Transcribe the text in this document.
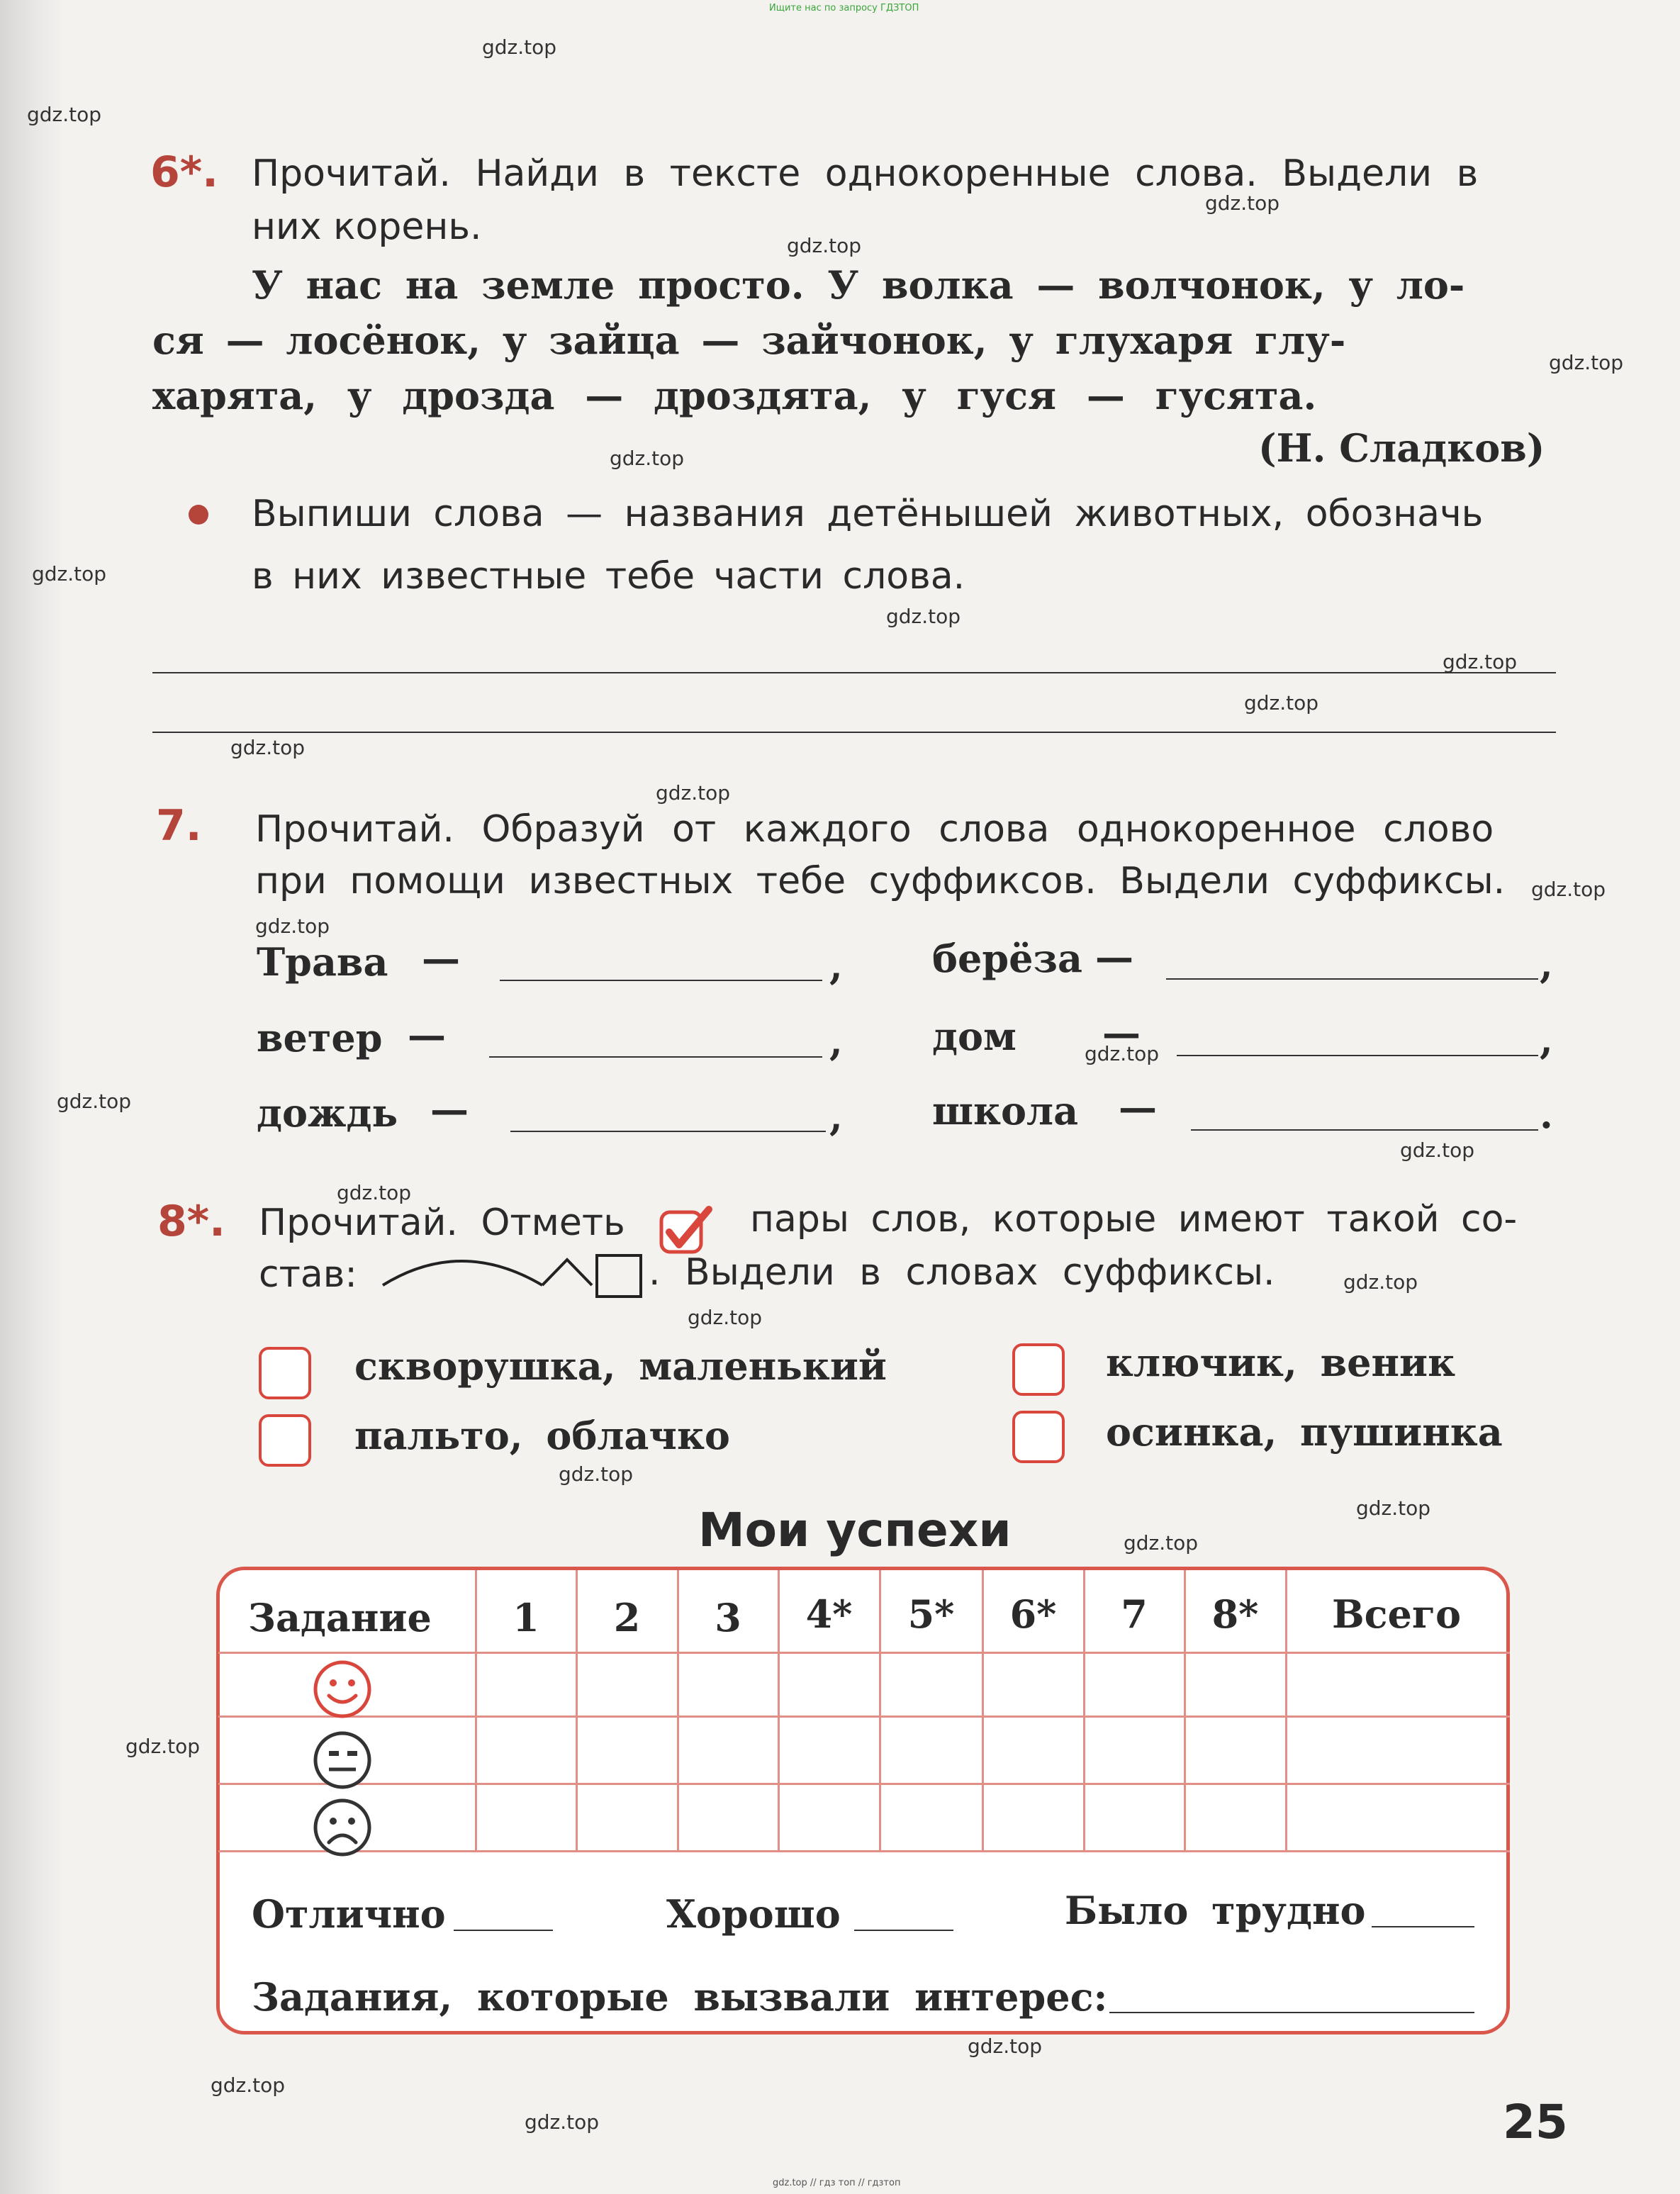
Ищите нас по запросу ГДЗТОП
gdz.top
gdz.top
gdz.top
gdz.top
gdz.top
gdz.top
gdz.top
gdz.top
gdz.top
gdz.top
gdz.top
gdz.top
gdz.top
gdz.top
gdz.top
gdz.top
gdz.top
gdz.top
gdz.top
gdz.top
gdz.top
gdz.top
gdz.top
gdz.top
gdz.top
gdz.top
gdz.top
6*. Прочитай. Найди в тексте однокоренные слова. Выдели в
них корень.
У нас на земле просто. У волка — волчонок, у ло-
ся — лосёнок, у зайца — зайчонок, у глухаря глу-
харята, у дрозда — дроздята, у гуся — гусята.
(Н. Сладков)
Выпиши слова — названия детёнышей животных, обозначь
в них известные тебе части слова.
7. Прочитай. Образуй от каждого слова однокоренное слово
при помощи известных тебе суффиксов. Выдели суффиксы.
Трава —	, берёза —	,
ветер —	, дом —	,
дождь —	, школа —	.
8*. Прочитай. Отметь	пары слов, которые имеют такой со-
став:	. Выдели в словах суффиксы.
скворушка, маленький	ключик, веник
пальто, облачко	осинка, пушинка
Мои успехи
Задание	1	2	3	4*	5*	6*	7	8*	Всего
Отлично	Хорошо	Было трудно
Задания, которые вызвали интерес:
25
gdz.top // гдз топ // гдзтоп
